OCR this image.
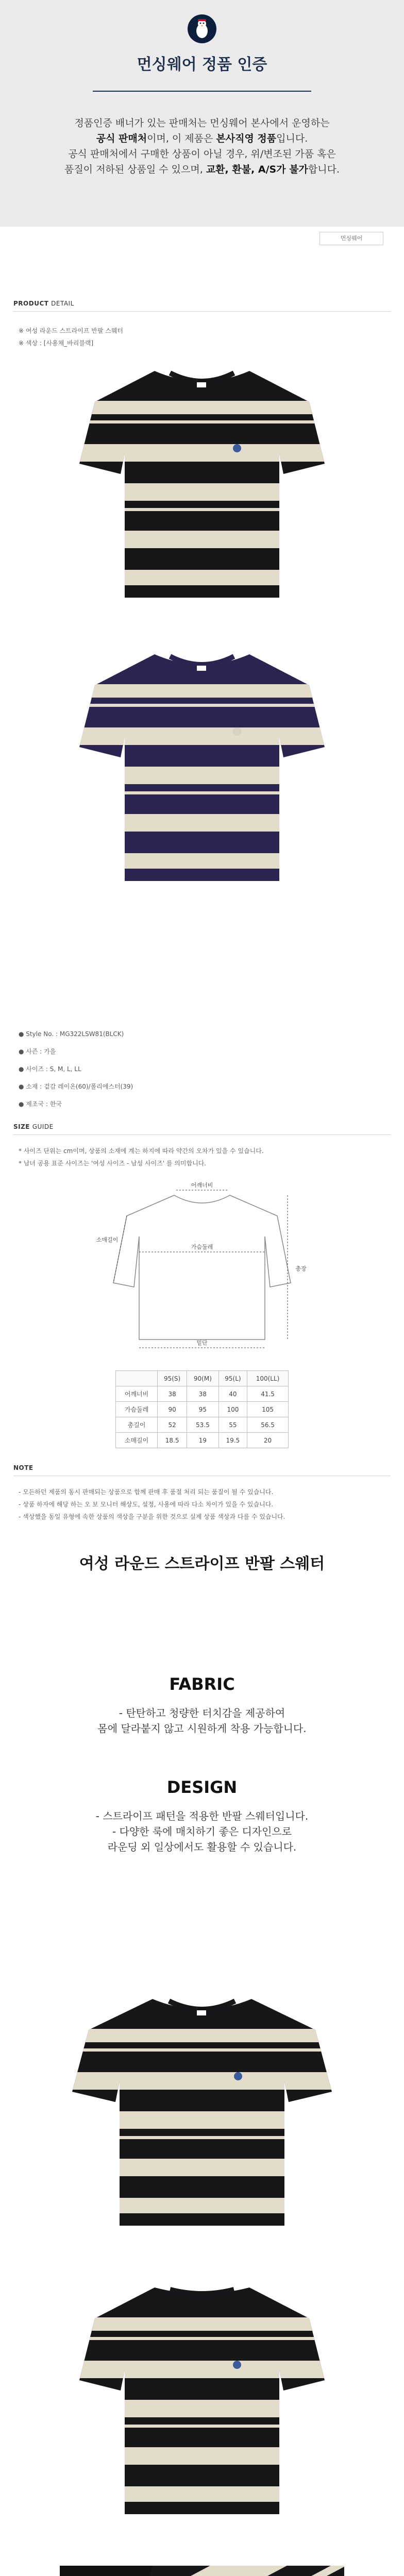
먼싱웨어 정품 인증
정품인증 배너가 있는 판매처는 먼싱웨어 본사에서 운영하는
공식 판매처이며, 이 제품은 본사직영 정품입니다.
공식 판매처에서 구매한 상품이 아닐 경우, 위/변조된 가품 혹은
품질이 저하된 상품일 수 있으며, 교환, 환불, A/S가 불가합니다.
먼싱웨어
PRODUCT DETAIL
※ 여성 라운드 스트라이프 반팔 스웨터
※ 색상 : [사용채_바리블랙]
● Style No. : MG322LSW81(BLCK)
● 사즌 : 가을
● 사이즈 : S, M, L, LL
● 소재 : 겉감 레이온(60)/폴리에스터(39)
● 제조국 : 한국
SIZE GUIDE
* 사이즈 단위는 cm이며, 상품의 소재에 계는 하지에 따라 약간의 오차가 있을 수 있습니다.
* 남녀 공용 표준 사이즈는 '여성 사이즈 - 남성 사이즈' 를 의미합니다.
어깨너비
가슴둘레
총장
소매길이
밑단
	95(S)	90(M)	95(L)	100(LL)
어깨너비	38	38	40	41.5
가슴둘레	90	95	100	105
총길이	52	53.5	55	56.5
소매길이	18.5	19	19.5	20
NOTE
- 모든하던 제품의 동시 판매되는 상품으로 합께 판매 후 품절 처리 되는 품질이 될 수 있습니다.
- 상품 하자에 해당 하는 오 보 모니터 해상도, 설정, 사용에 따라 다소 차이가 있을 수 있습니다.
- 색상했을 동일 유형에 속한 상품의 색상을 구분을 위한 것으로 실제 상품 색상과 다를 수 있습니다.
여성 라운드 스트라이프 반팔 스웨터
FABRIC
- 탄탄하고 청량한 터치감을 제공하여
몸에 달라붙지 않고 시원하게 착용 가능합니다.
DESIGN
- 스트라이프 패턴을 적용한 반팔 스웨터입니다.
- 다양한 룩에 매치하기 좋은 디자인으로
라운딩 외 일상에서도 활용할 수 있습니다.
